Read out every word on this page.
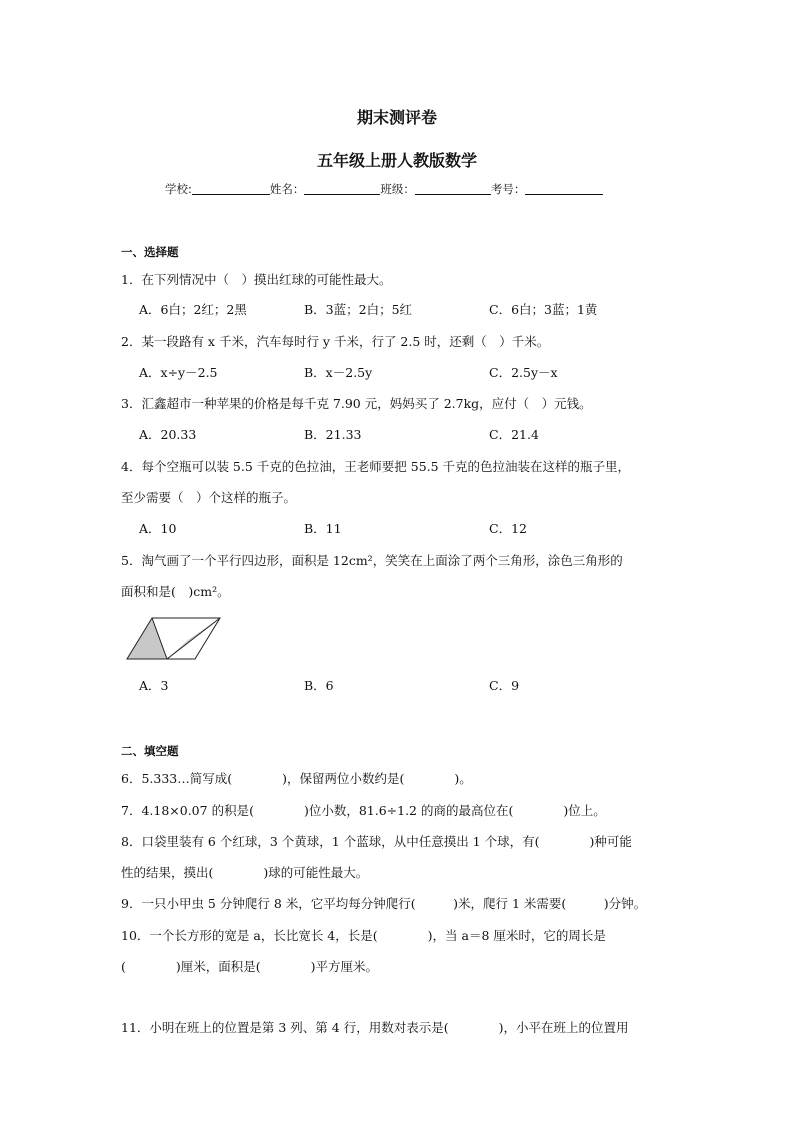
期末测评卷
五年级上册人教版数学
学校:	姓名：	班级：	考号：
一、选择题
1．在下列情况中（　）摸出红球的可能性最大。
A．6白；2红；2黑	B．3蓝；2白；5红	C．6白；3蓝；1黄
2．某一段路有 x 千米，汽车每时行 y 千米，行了 2.5 时，还剩（　）千米。
A．x÷y－2.5	B．x－2.5y	C．2.5y－x
3．汇鑫超市一种苹果的价格是每千克 7.90 元，妈妈买了 2.7kg，应付（　）元钱。
A．20.33	B．21.33	C．21.4
4．每个空瓶可以装 5.5 千克的色拉油，王老师要把 55.5 千克的色拉油装在这样的瓶子里，
至少需要（　）个这样的瓶子。
A．10	B．11	C．12
5．淘气画了一个平行四边形，面积是 12cm²，笑笑在上面涂了两个三角形，涂色三角形的
面积和是(　)cm²。
A．3	B．6	C．9
二、填空题
6．5.333…简写成(　　　　)，保留两位小数约是(　　　　)。
7．4.18×0.07 的积是(　　　　)位小数，81.6÷1.2 的商的最高位在(　　　　)位上。
8．口袋里装有 6 个红球，3 个黄球，1 个蓝球，从中任意摸出 1 个球，有(　　　　)种可能
性的结果，摸出(　　　　)球的可能性最大。
9．一只小甲虫 5 分钟爬行 8 米，它平均每分钟爬行(　　　)米，爬行 1 米需要(　　　)分钟。
10．一个长方形的宽是 a，长比宽长 4，长是(　　　　)，当 a＝8 厘米时，它的周长是
(　　　　)厘米，面积是(　　　　)平方厘米。
11．小明在班上的位置是第 3 列、第 4 行，用数对表示是(　　　　)，小平在班上的位置用
